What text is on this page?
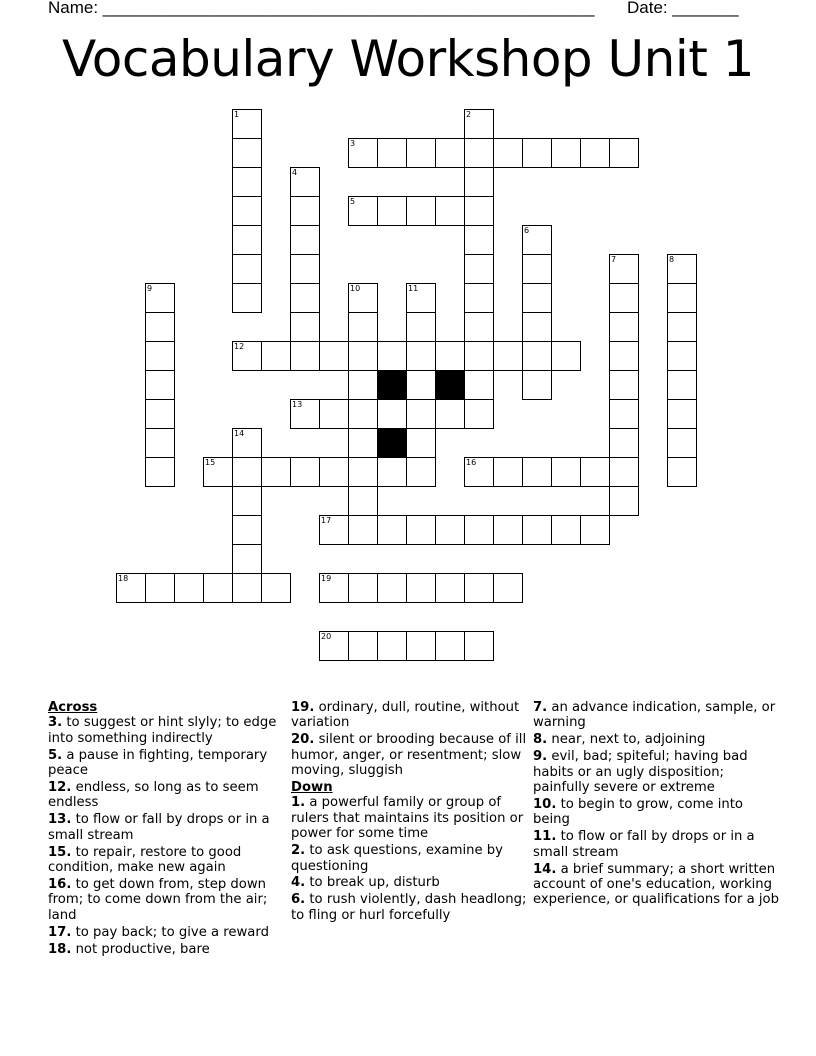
Name: ____________________________________________________ Date: _______
Vocabulary Workshop Unit 1
1	2
3
4
5
6
7	8
9	10	11
12
13
14
15	16
17
18	19
20
Across
3. to suggest or hint slyly; to edge into something indirectly
5. a pause in fighting, temporary peace
12. endless, so long as to seem endless
13. to flow or fall by drops or in a small stream
15. to repair, restore to good condition, make new again
16. to get down from, step down from; to come down from the air; land
17. to pay back; to give a reward
18. not productive, bare
19. ordinary, dull, routine, without variation
20. silent or brooding because of ill humor, anger, or resentment; slow moving, sluggish
Down
1. a powerful family or group of rulers that maintains its position or power for some time
2. to ask questions, examine by questioning
4. to break up, disturb
6. to rush violently, dash headlong; to fling or hurl forcefully
7. an advance indication, sample, or warning
8. near, next to, adjoining
9. evil, bad; spiteful; having bad habits or an ugly disposition; painfully severe or extreme
10. to begin to grow, come into being
11. to flow or fall by drops or in a small stream
14. a brief summary; a short written account of one's education, working experience, or qualifications for a job
